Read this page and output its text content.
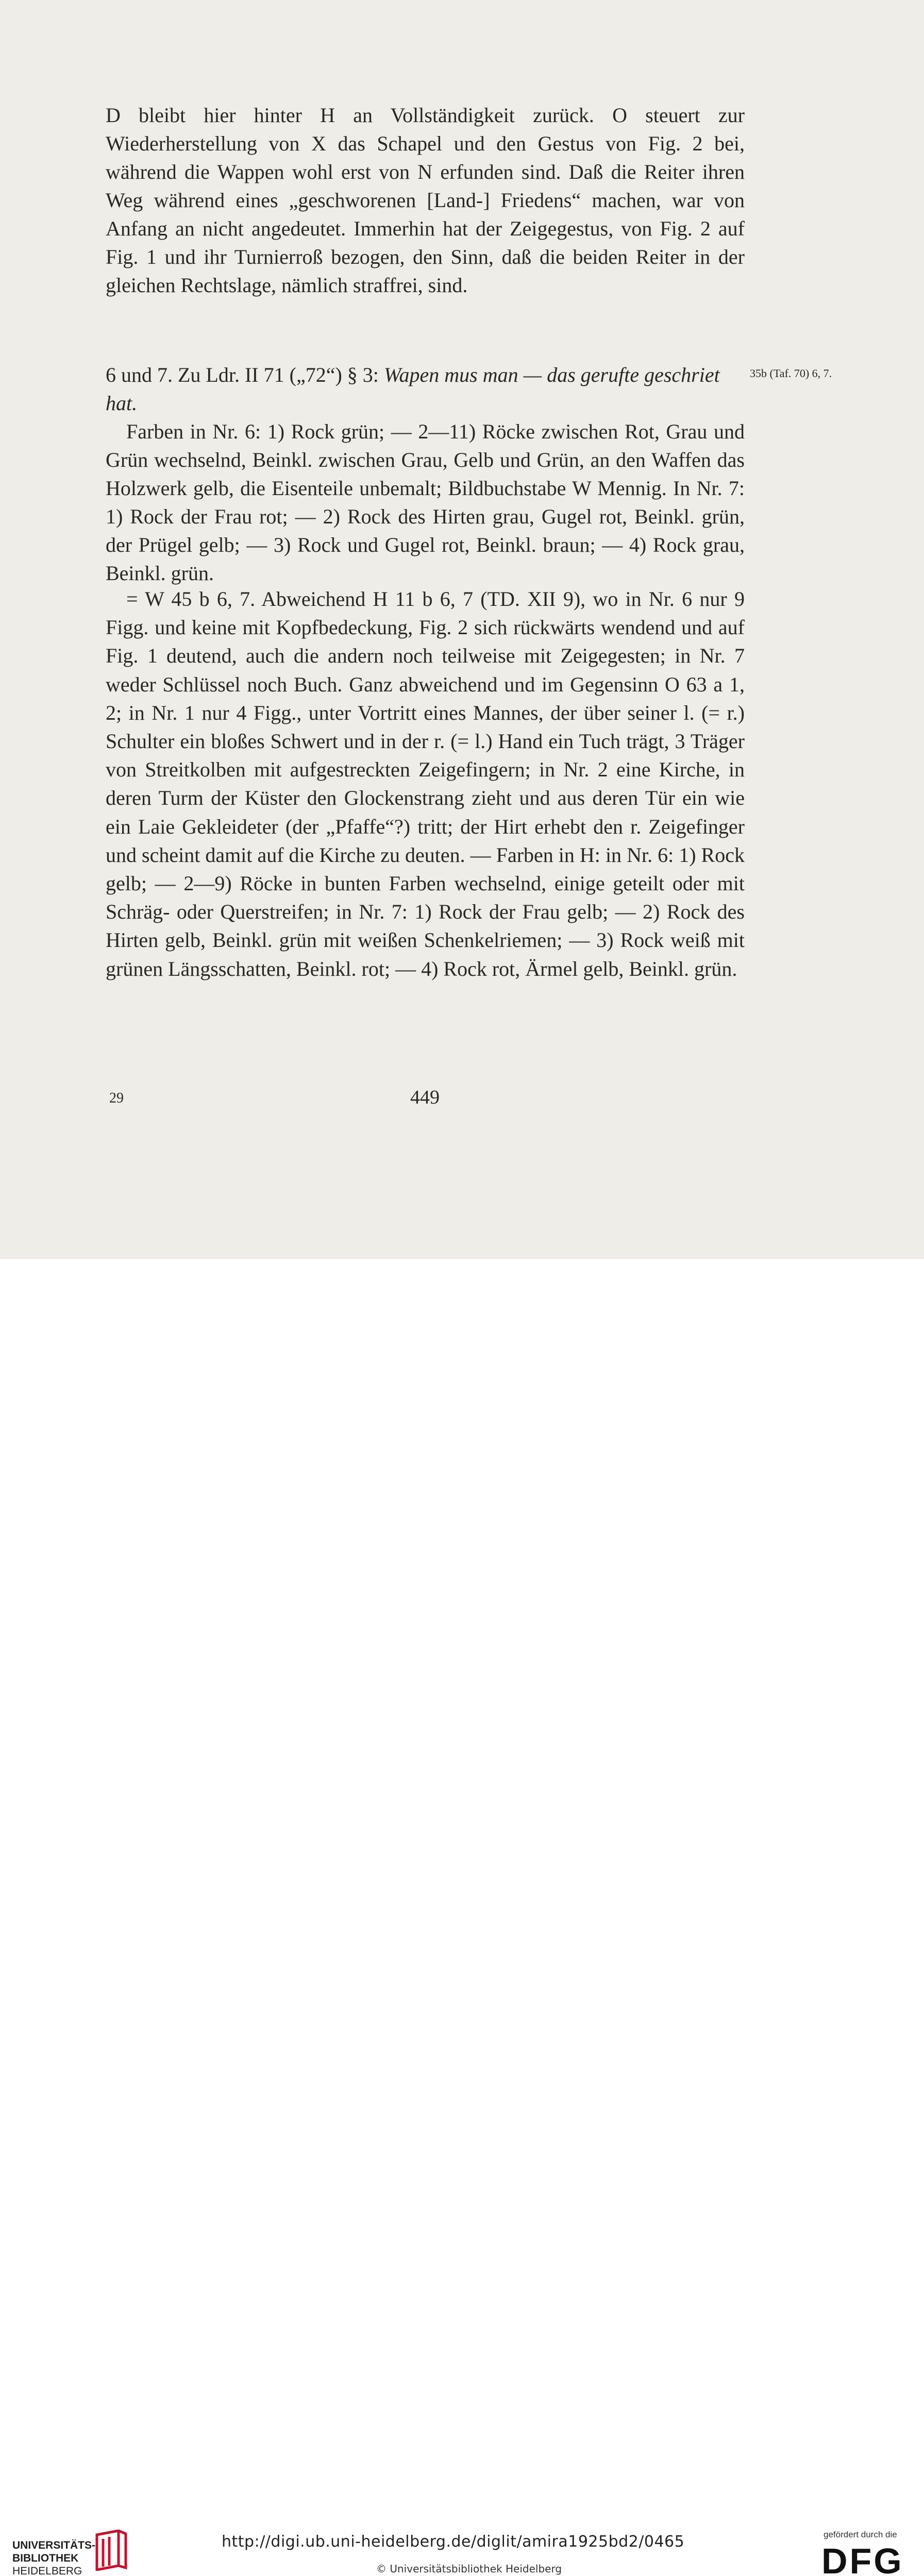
D bleibt hier hinter H an Vollständigkeit zurück. O steuert zur Wiederherstellung von X das Schapel und den Gestus von Fig. 2 bei, während die Wappen wohl erst von N erfunden sind. Daß die Reiter ihren Weg während eines „geschworenen [Land-] Friedens“ machen, war von Anfang an nicht angedeutet. Immerhin hat der Zeigegestus, von Fig. 2 auf Fig. 1 und ihr Turnierroß bezogen, den Sinn, daß die beiden Reiter in der gleichen Rechtslage, nämlich straffrei, sind.

6 und 7. Zu Ldr. II 71 („72“) § 3: Wapen mus man — das gerufte geschriet hat.
35b (Taf. 70) 6, 7.

Farben in Nr. 6: 1) Rock grün; — 2—11) Röcke zwischen Rot, Grau und Grün wechselnd, Beinkl. zwischen Grau, Gelb und Grün, an den Waffen das Holzwerk gelb, die Eisenteile unbemalt; Bildbuchstabe W Mennig. In Nr. 7: 1) Rock der Frau rot; — 2) Rock des Hirten grau, Gugel rot, Beinkl. grün, der Prügel gelb; — 3) Rock und Gugel rot, Beinkl. braun; — 4) Rock grau, Beinkl. grün.

= W 45 b 6, 7. Abweichend H 11 b 6, 7 (TD. XII 9), wo in Nr. 6 nur 9 Figg. und keine mit Kopfbedeckung, Fig. 2 sich rückwärts wendend und auf Fig. 1 deutend, auch die andern noch teilweise mit Zeigegesten; in Nr. 7 weder Schlüssel noch Buch. Ganz abweichend und im Gegensinn O 63 a 1, 2; in Nr. 1 nur 4 Figg., unter Vortritt eines Mannes, der über seiner l. (= r.) Schulter ein bloßes Schwert und in der r. (= l.) Hand ein Tuch trägt, 3 Träger von Streitkolben mit aufgestreckten Zeigefingern; in Nr. 2 eine Kirche, in deren Turm der Küster den Glockenstrang zieht und aus deren Tür ein wie ein Laie Gekleideter (der „Pfaffe“?) tritt; der Hirt erhebt den r. Zeigefinger und scheint damit auf die Kirche zu deuten. — Farben in H: in Nr. 6: 1) Rock gelb; — 2—9) Röcke in bunten Farben wechselnd, einige geteilt oder mit Schräg- oder Querstreifen; in Nr. 7: 1) Rock der Frau gelb; — 2) Rock des Hirten gelb, Beinkl. grün mit weißen Schenkelriemen; — 3) Rock weiß mit grünen Längsschatten, Beinkl. rot; — 4) Rock rot, Ärmel gelb, Beinkl. grün.

29	449
UNIVERSITÄTS-
BIBLIOTHEK
HEIDELBERG
http://digi.ub.uni-heidelberg.de/diglit/amira1925bd2/0465
© Universitätsbibliothek Heidelberg
gefördert durch die
DFG
